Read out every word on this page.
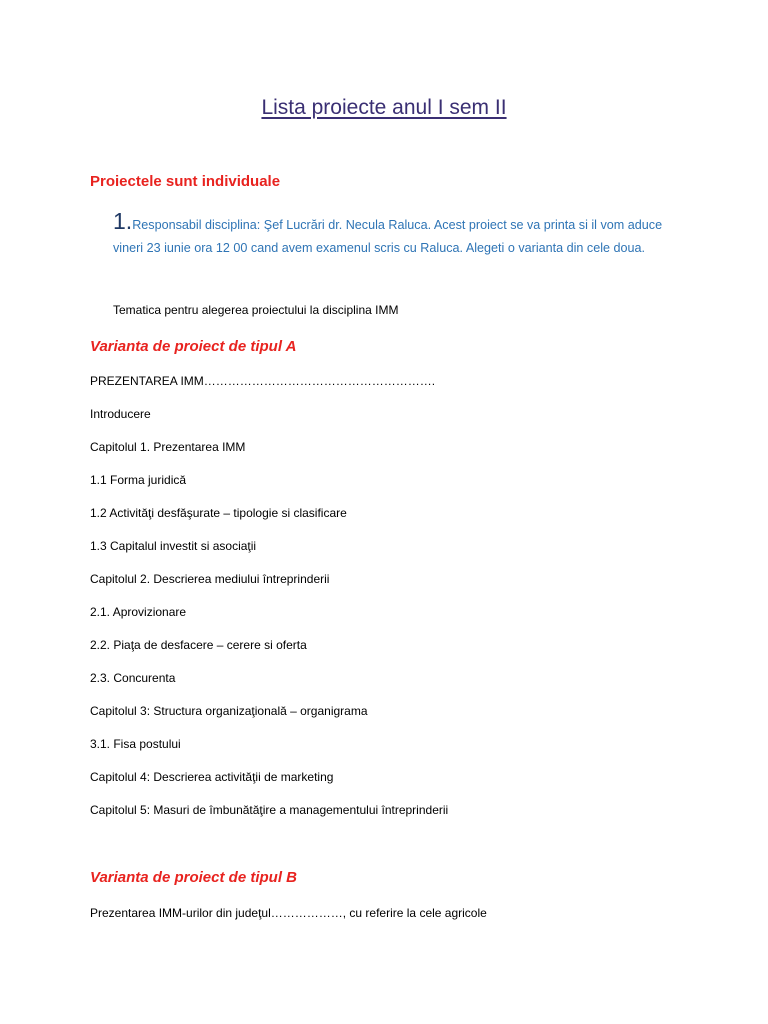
Lista proiecte anul I sem II
Proiectele sunt individuale
1.Responsabil disciplina: Şef Lucrări dr. Necula Raluca. Acest proiect se va printa si il vom aduce vineri 23 iunie ora 12 00 cand avem examenul scris cu Raluca. Alegeti o varianta din cele doua.
Tematica pentru alegerea proiectului la disciplina IMM
Varianta de proiect de tipul A
PREZENTAREA IMM………………………………………………….
Introducere
Capitolul 1. Prezentarea IMM
1.1 Forma juridică
1.2 Activităţi desfăşurate – tipologie si clasificare
1.3 Capitalul investit si asociaţii
Capitolul 2. Descrierea mediului întreprinderii
2.1. Aprovizionare
2.2. Piaţa de desfacere – cerere si oferta
2.3. Concurenta
Capitolul 3: Structura organizaţională – organigrama
3.1. Fisa postului
Capitolul 4: Descrierea activităţii de marketing
Capitolul 5: Masuri de îmbunătăţire a managementului întreprinderii
Varianta de proiect de tipul B
Prezentarea IMM-urilor din judeţul………………, cu referire la cele agricole
